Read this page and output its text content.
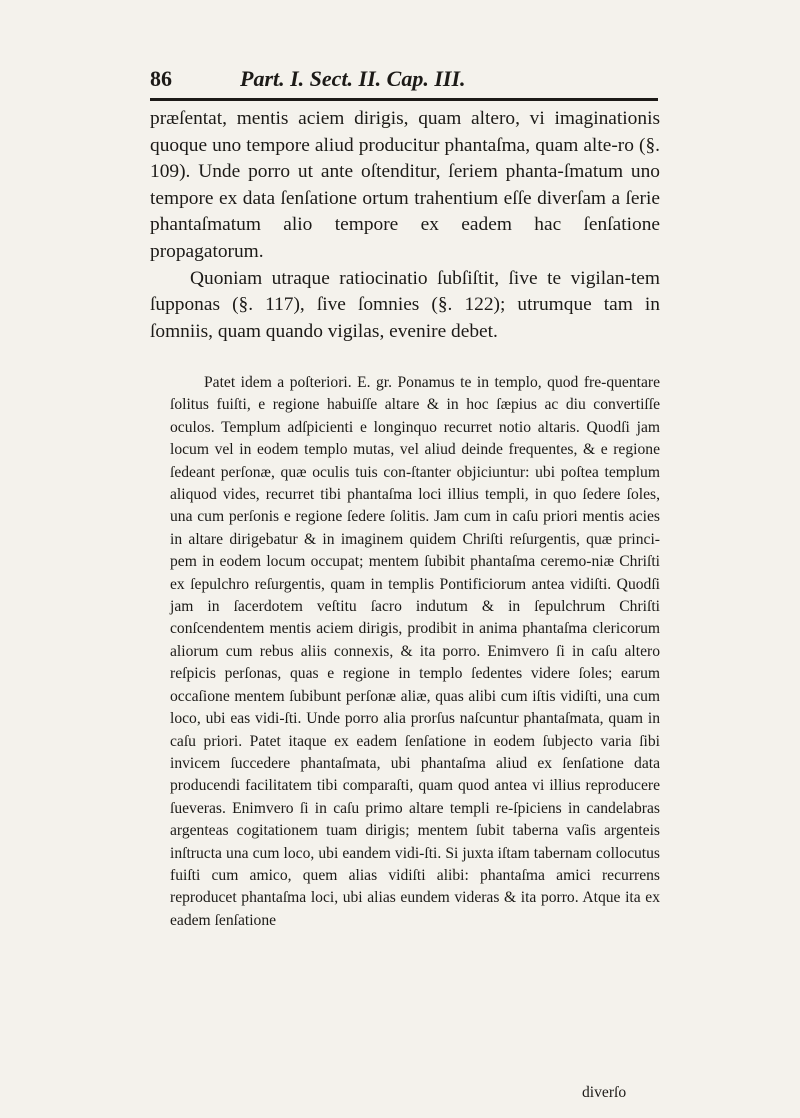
86	Part. I. Sect. II. Cap. III.

præſentat, mentis aciem dirigis, quam altero, vi imaginationis quoque uno tempore aliud producitur phantaſma, quam alte-ro (§. 109). Unde porro ut ante oſtenditur, ſeriem phanta-ſmatum uno tempore ex data ſenſatione ortum trahentium eſſe diverſam a ſerie phantaſmatum alio tempore ex eadem hac ſenſatione propagatorum.

Quoniam utraque ratiocinatio ſubſiſtit, ſive te vigilan-tem ſupponas (§. 117), ſive ſomnies (§. 122); utrumque tam in ſomniis, quam quando vigilas, evenire debet.

Patet idem a poſteriori. E. gr. Ponamus te in templo, quod fre-quentare ſolitus fuiſti, e regione habuiſſe altare & in hoc ſæpius ac diu convertiſſe oculos. Templum adſpicienti e longinquo recurret notio altaris. Quodſi jam locum vel in eodem templo mutas, vel aliud deinde frequentes, & e regione ſedeant perſonæ, quæ oculis tuis con-ſtanter objiciuntur: ubi poſtea templum aliquod vides, recurret tibi phantaſma loci illius templi, in quo ſedere ſoles, una cum perſonis e regione ſedere ſolitis. Jam cum in caſu priori mentis acies in altare dirigebatur & in imaginem quidem Chriſti reſurgentis, quæ princi-pem in eodem locum occupat; mentem ſubibit phantaſma ceremo-niæ Chriſti ex ſepulchro reſurgentis, quam in templis Pontificiorum antea vidiſti. Quodſi jam in ſacerdotem veſtitu ſacro indutum & in ſepulchrum Chriſti conſcendentem mentis aciem dirigis, prodibit in anima phantaſma clericorum aliorum cum rebus aliis connexis, & ita porro. Enimvero ſi in caſu altero reſpicis perſonas, quas e regione in templo ſedentes videre ſoles; earum occaſione mentem ſubibunt perſonæ aliæ, quas alibi cum iſtis vidiſti, una cum loco, ubi eas vidi-ſti. Unde porro alia prorſus naſcuntur phantaſmata, quam in caſu priori. Patet itaque ex eadem ſenſatione in eodem ſubjecto varia ſibi invicem ſuccedere phantaſmata, ubi phantaſma aliud ex ſenſatione data producendi facilitatem tibi comparaſti, quam quod antea vi illius reproducere ſueveras. Enimvero ſi in caſu primo altare templi re-ſpiciens in candelabras argenteas cogitationem tuam dirigis; mentem ſubit taberna vaſis argenteis inſtructa una cum loco, ubi eandem vidi-ſti. Si juxta iſtam tabernam collocutus fuiſti cum amico, quem alias vidiſti alibi: phantaſma amici recurrens reproducet phantaſma loci, ubi alias eundem videras & ita porro. Atque ita ex eadem ſenſatione

diverſo
